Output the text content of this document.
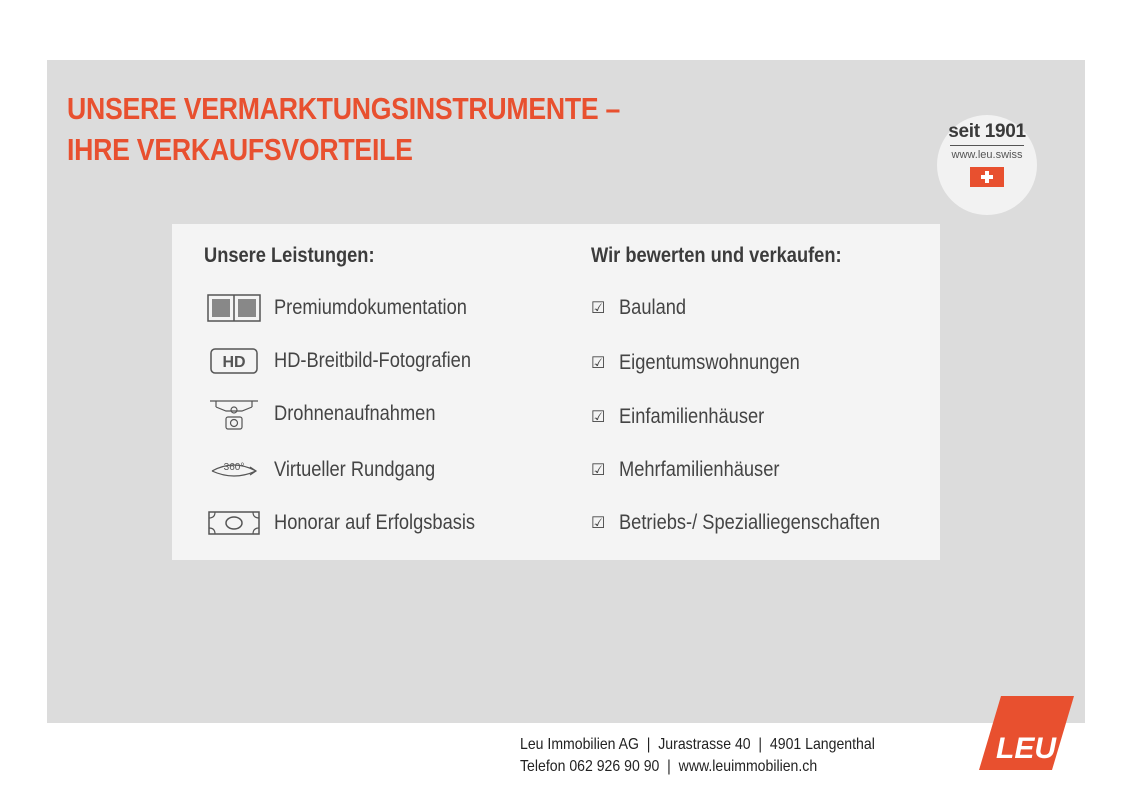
UNSERE VERMARKTUNGSINSTRUMENTE –
IHRE VERKAUFSVORTEILE
seit 1901
www.leu.swiss
Unsere Leistungen:
Premiumdokumentation
HD HD-Breitbild-Fotografien
Drohnenaufnahmen
360° Virtueller Rundgang
Honorar auf Erfolgsbasis
Wir bewerten und verkaufen:
☑ Bauland
☑ Eigentumswohnungen
☑ Einfamilienhäuser
☑ Mehrfamilienhäuser
☑ Betriebs-/ Spezialliegenschaften
Leu Immobilien AG  |  Jurastrasse 40  |  4901 Langenthal
Telefon 062 926 90 90  |  www.leuimmobilien.ch
LEU
